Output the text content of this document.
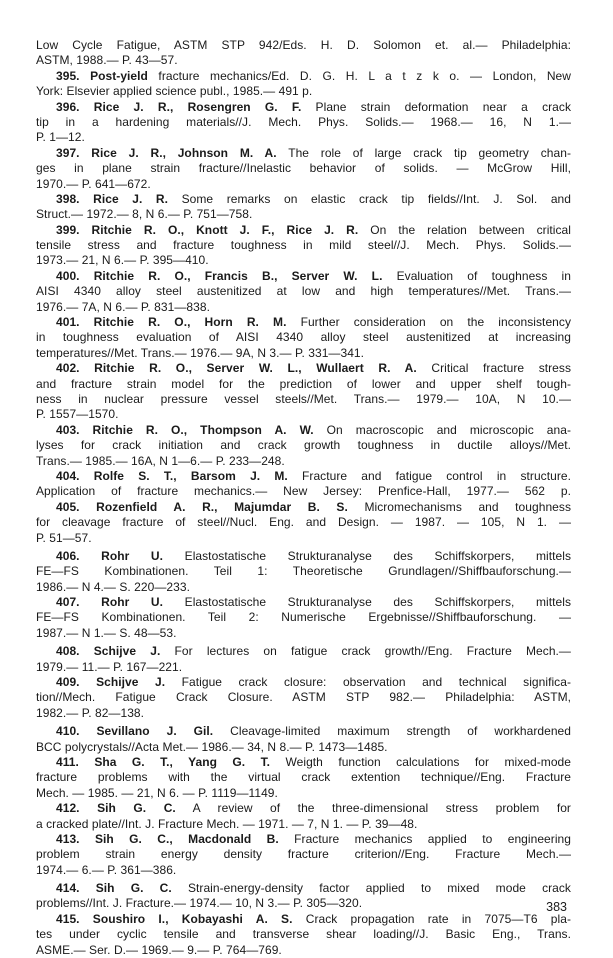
Low Cycle Fatigue, ASTM STP 942/Eds. H. D. Solomon et. al.— Philadelphia:
ASTM, 1988.— P. 43—57.
395. Post-yield fracture mechanics/Ed. D. G. H. L a t z k o. — London, New
York: Elsevier applied science publ., 1985.— 491 p.
396. Rice J. R., Rosengren G. F. Plane strain deformation near a crack
tip in a hardening materials//J. Mech. Phys. Solids.— 1968.— 16, N 1.—
P. 1—12.
397. Rice J. R., Johnson M. A. The role of large crack tip geometry chan-
ges in plane strain fracture//Inelastic behavior of solids. — McGrow Hill,
1970.— P. 641—672.
398. Rice J. R. Some remarks on elastic crack tip fields//Int. J. Sol. and
Struct.— 1972.— 8, N 6.— P. 751—758.
399. Ritchie R. O., Knott J. F., Rice J. R. On the relation between critical
tensile stress and fracture toughness in mild steel//J. Mech. Phys. Solids.—
1973.— 21, N 6.— P. 395—410.
400. Ritchie R. O., Francis B., Server W. L. Evaluation of toughness in
AISI 4340 alloy steel austenitized at low and high temperatures//Met. Trans.—
1976.— 7A, N 6.— P. 831—838.
401. Ritchie R. O., Horn R. M. Further consideration on the inconsistency
in toughness evaluation of AISI 4340 alloy steel austenitized at increasing
temperatures//Met. Trans.— 1976.— 9A, N 3.— P. 331—341.
402. Ritchie R. O., Server W. L., Wullaert R. A. Critical fracture stress
and fracture strain model for the prediction of lower and upper shelf tough-
ness in nuclear pressure vessel steels//Met. Trans.— 1979.— 10A, N 10.—
P. 1557—1570.
403. Ritchie R. O., Thompson A. W. On macroscopic and microscopic ana-
lyses for crack initiation and crack growth toughness in ductile alloys//Met.
Trans.— 1985.— 16A, N 1—6.— P. 233—248.
404. Rolfe S. T., Barsom J. M. Fracture and fatigue control in structure.
Application of fracture mechanics.— New Jersey: Prenfice-Hall, 1977.— 562 p.
405. Rozenfield A. R., Majumdar B. S. Micromechanisms and toughness
for cleavage fracture of steel//Nucl. Eng. and Design. — 1987. — 105, N 1. —
P. 51—57.
406. Rohr U. Elastostatische Strukturanalyse des Schiffskorpers, mittels
FE—FS Kombinationen. Teil 1: Theoretische Grundlagen//Shiffbauforschung.—
1986.— N 4.— S. 220—233.
407. Rohr U. Elastostatische Strukturanalyse des Schiffskorpers, mittels
FE—FS Kombinationen. Teil 2: Numerische Ergebnisse//Shiffbauforschung. —
1987.— N 1.— S. 48—53.
408. Schijve J. For lectures on fatigue crack growth//Eng. Fracture Mech.—
1979.— 11.— P. 167—221.
409. Schijve J. Fatigue crack closure: observation and technical significa-
tion//Mech. Fatigue Crack Closure. ASTM STP 982.— Philadelphia: ASTM,
1982.— P. 82—138.
410. Sevillano J. Gil. Cleavage-limited maximum strength of workhardened
BCC polycrystals//Acta Met.— 1986.— 34, N 8.— P. 1473—1485.
411. Sha G. T., Yang G. T. Weigth function calculations for mixed-mode
fracture problems with the virtual crack extention technique//Eng. Fracture
Mech. — 1985. — 21, N 6. — P. 1119—1149.
412. Sih G. C. A review of the three-dimensional stress problem for
a cracked plate//Int. J. Fracture Mech. — 1971. — 7, N 1. — P. 39—48.
413. Sih G. C., Macdonald B. Fracture mechanics applied to engineering
problem strain energy density fracture criterion//Eng. Fracture Mech.—
1974.— 6.— P. 361—386.
414. Sih G. C. Strain-energy-density factor applied to mixed mode crack
problems//Int. J. Fracture.— 1974.— 10, N 3.— P. 305—320.
415. Soushiro I., Kobayashi A. S. Crack propagation rate in 7075—T6 pla-
tes under cyclic tensile and transverse shear loading//J. Basic Eng., Trans.
ASME.— Ser. D.— 1969.— 9.— P. 764—769.
383
